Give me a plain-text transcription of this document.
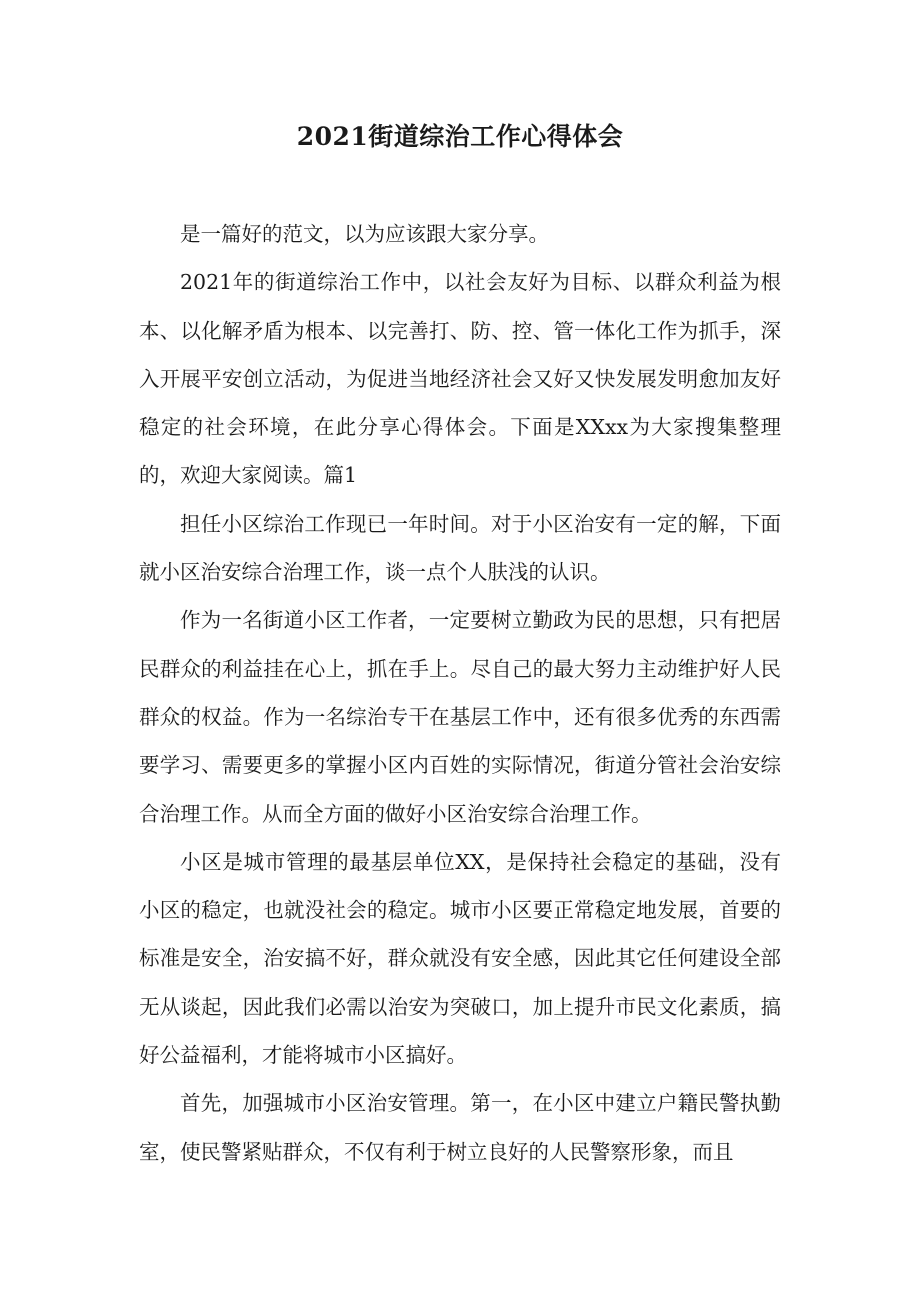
2021街道综治工作心得体会

是一篇好的范文，以为应该跟大家分享。

2021年的街道综治工作中，以社会友好为目标、以群众利益为根本、以化解矛盾为根本、以完善打、防、控、管一体化工作为抓手，深入开展平安创立活动，为促进当地经济社会又好又快发展发明愈加友好稳定的社会环境，在此分享心得体会。下面是XXxx为大家搜集整理的，欢迎大家阅读。篇1

担任小区综治工作现已一年时间。对于小区治安有一定的解，下面就小区治安综合治理工作，谈一点个人肤浅的认识。

作为一名街道小区工作者，一定要树立勤政为民的思想，只有把居民群众的利益挂在心上，抓在手上。尽自己的最大努力主动维护好人民群众的权益。作为一名综治专干在基层工作中，还有很多优秀的东西需要学习、需要更多的掌握小区内百姓的实际情况，街道分管社会治安综合治理工作。从而全方面的做好小区治安综合治理工作。

小区是城市管理的最基层单位XX，是保持社会稳定的基础，没有小区的稳定，也就没社会的稳定。城市小区要正常稳定地发展，首要的标准是安全，治安搞不好，群众就没有安全感，因此其它任何建设全部无从谈起，因此我们必需以治安为突破口，加上提升市民文化素质，搞好公益福利，才能将城市小区搞好。

首先，加强城市小区治安管理。第一，在小区中建立户籍民警执勤室，使民警紧贴群众，不仅有利于树立良好的人民警察形象，而且
